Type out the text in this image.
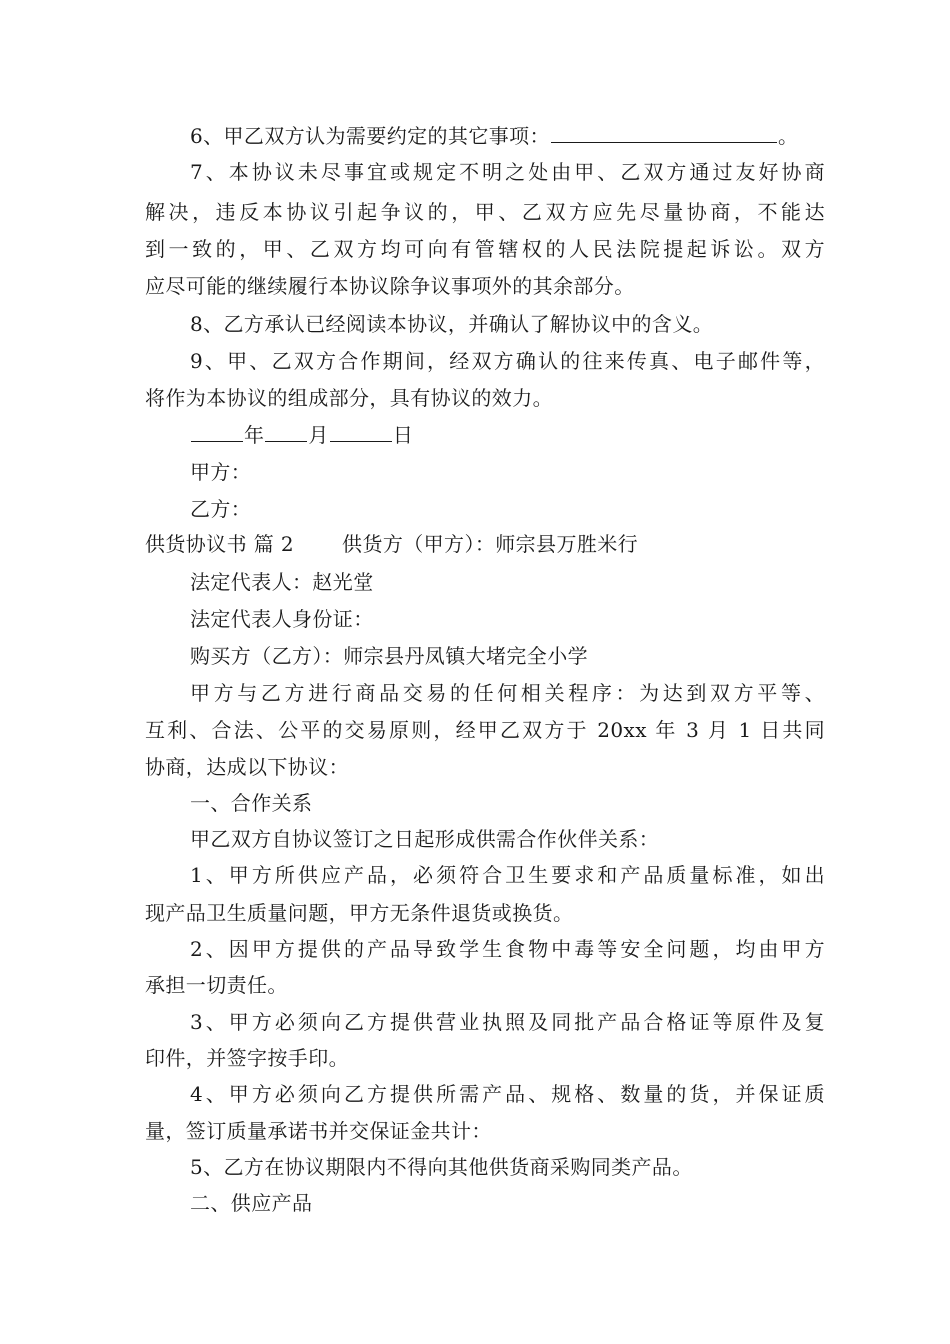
6、甲乙双方认为需要约定的其它事项：	。
7、本协议未尽事宜或规定不明之处由甲、乙双方通过友好协商
解决，违反本协议引起争议的，甲、乙双方应先尽量协商，不能达
到一致的，甲、乙双方均可向有管辖权的人民法院提起诉讼。双方
应尽可能的继续履行本协议除争议事项外的其余部分。
8、乙方承认已经阅读本协议，并确认了解协议中的含义。
9、甲、乙双方合作期间，经双方确认的往来传真、电子邮件等，
将作为本协议的组成部分，具有协议的效力。
年 月	日
甲方：
乙方：
供货协议书 篇 2 供货方（甲方）：师宗县万胜米行
法定代表人：赵光堂
法定代表人身份证：
购买方（乙方）：师宗县丹凤镇大堵完全小学
甲方与乙方进行商品交易的任何相关程序：为达到双方平等、
互利、合法、公平的交易原则，经甲乙双方于 20xx 年 3 月 1 日共同
协商，达成以下协议：
一、合作关系
甲乙双方自协议签订之日起形成供需合作伙伴关系：
1、甲方所供应产品，必须符合卫生要求和产品质量标准，如出
现产品卫生质量问题，甲方无条件退货或换货。
2、因甲方提供的产品导致学生食物中毒等安全问题，均由甲方
承担一切责任。
3、甲方必须向乙方提供营业执照及同批产品合格证等原件及复
印件，并签字按手印。
4、甲方必须向乙方提供所需产品、规格、数量的货，并保证质
量，签订质量承诺书并交保证金共计：
5、乙方在协议期限内不得向其他供货商采购同类产品。
二、供应产品
